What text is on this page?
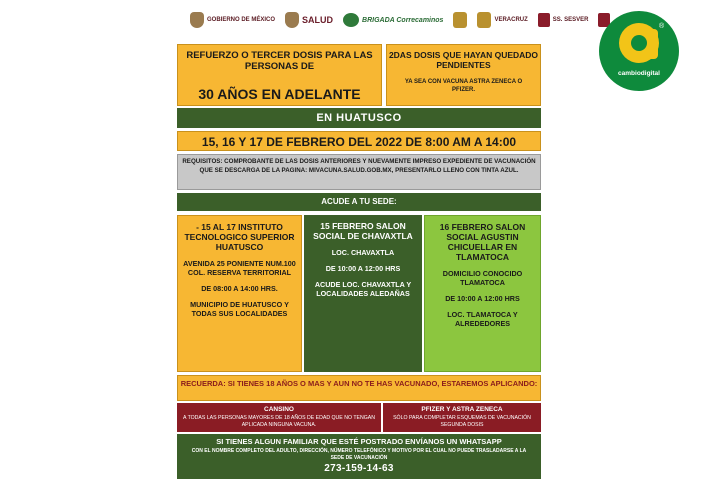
GOBIERNO DE MÉXICO	SALUD	BRIGADA Correcaminos	VERACRUZ	SS. SESVER
REFUERZO O TERCER DOSIS PARA LAS PERSONAS DE
30 AÑOS EN ADELANTE
2DAS DOSIS QUE HAYAN QUEDADO PENDIENTES
YA SEA CON VACUNA ASTRA ZENECA O PFIZER.
EN HUATUSCO
15, 16 Y 17 DE FEBRERO DEL 2022 DE 8:00 AM A 14:00
REQUISITOS: COMPROBANTE DE LAS DOSIS ANTERIORES Y NUEVAMENTE IMPRESO EXPEDIENTE DE VACUNACIÓN QUE SE DESCARGA DE LA PAGINA: MIVACUNA.SALUD.GOB.MX, PRESENTARLO LLENO CON TINTA AZUL.
ACUDE A TU SEDE:

- 15 AL 17 INSTITUTO TECNOLOGICO SUPERIOR HUATUSCO

AVENIDA 25 PONIENTE NUM.100 COL. RESERVA TERRITORIAL

DE 08:00 A 14:00 HRS.

MUNICIPIO DE HUATUSCO Y TODAS SUS LOCALIDADES

15 FEBRERO SALON SOCIAL DE CHAVAXTLA

LOC. CHAVAXTLA

DE 10:00 A 12:00 HRS

ACUDE LOC. CHAVAXTLA Y LOCALIDADES ALEDAÑAS

16 FEBRERO SALON SOCIAL AGUSTIN CHICUELLAR EN TLAMATOCA

DOMICILIO CONOCIDO TLAMATOCA

DE 10:00 A 12:00 HRS

LOC. TLAMATOCA Y ALREDEDORES

RECUERDA: SI TIENES 18 AÑOS O MAS Y AUN NO TE HAS VACUNADO, ESTAREMOS APLICANDO:
CANSINO
A TODAS LAS PERSONAS MAYORES DE 18 AÑOS DE EDAD QUE NO TENGAN APLICADA NINGUNA VACUNA.
PFIZER Y ASTRA ZENECA
SÓLO PARA COMPLETAR ESQUEMAS DE VACUNACIÓN SEGUNDA DOSIS
SI TIENES ALGUN FAMILIAR QUE ESTÉ POSTRADO ENVÍANOS UN WHATSAPP
CON EL NOMBRE COMPLETO DEL ADULTO, DIRECCIÓN, NÚMERO TELEFÓNICO Y MOTIVO POR EL CUAL NO PUEDE TRASLADARSE A LA SEDE DE VACUNACIÓN
273-159-14-63
®
cambiodigital
